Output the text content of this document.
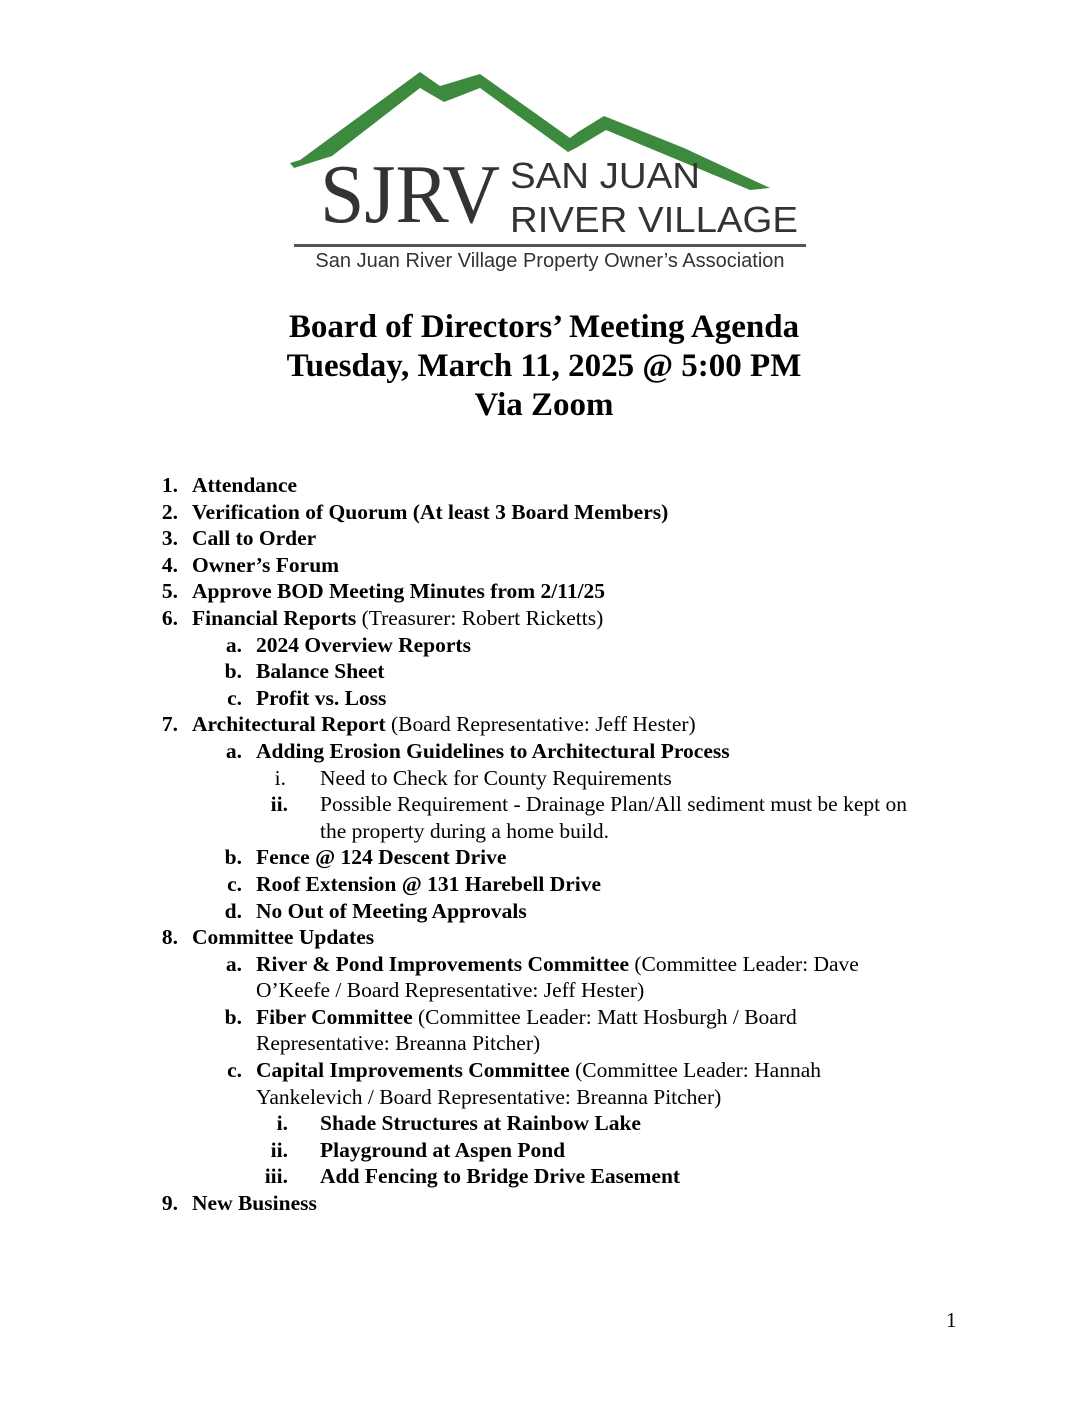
SJRV SAN JUAN
RIVER VILLAGE
San Juan River Village Property Owner’s Association
Board of Directors’ Meeting Agenda
Tuesday, March 11, 2025 @ 5:00 PM
Via Zoom
1. Attendance
2. Verification of Quorum (At least 3 Board Members)
3. Call to Order
4. Owner’s Forum
5. Approve BOD Meeting Minutes from 2/11/25
6. Financial Reports (Treasurer: Robert Ricketts)
a. 2024 Overview Reports
b. Balance Sheet
c. Profit vs. Loss
7. Architectural Report (Board Representative: Jeff Hester)
a. Adding Erosion Guidelines to Architectural Process
i. Need to Check for County Requirements
ii. Possible Requirement - Drainage Plan/All sediment must be kept on
the property during a home build.
b. Fence @ 124 Descent Drive
c. Roof Extension @ 131 Harebell Drive
d. No Out of Meeting Approvals
8. Committee Updates
a. River & Pond Improvements Committee (Committee Leader: Dave
O’Keefe / Board Representative: Jeff Hester)
b. Fiber Committee (Committee Leader: Matt Hosburgh / Board
Representative: Breanna Pitcher)
c. Capital Improvements Committee (Committee Leader: Hannah
Yankelevich / Board Representative: Breanna Pitcher)
i. Shade Structures at Rainbow Lake
ii. Playground at Aspen Pond
iii. Add Fencing to Bridge Drive Easement
9. New Business
1
